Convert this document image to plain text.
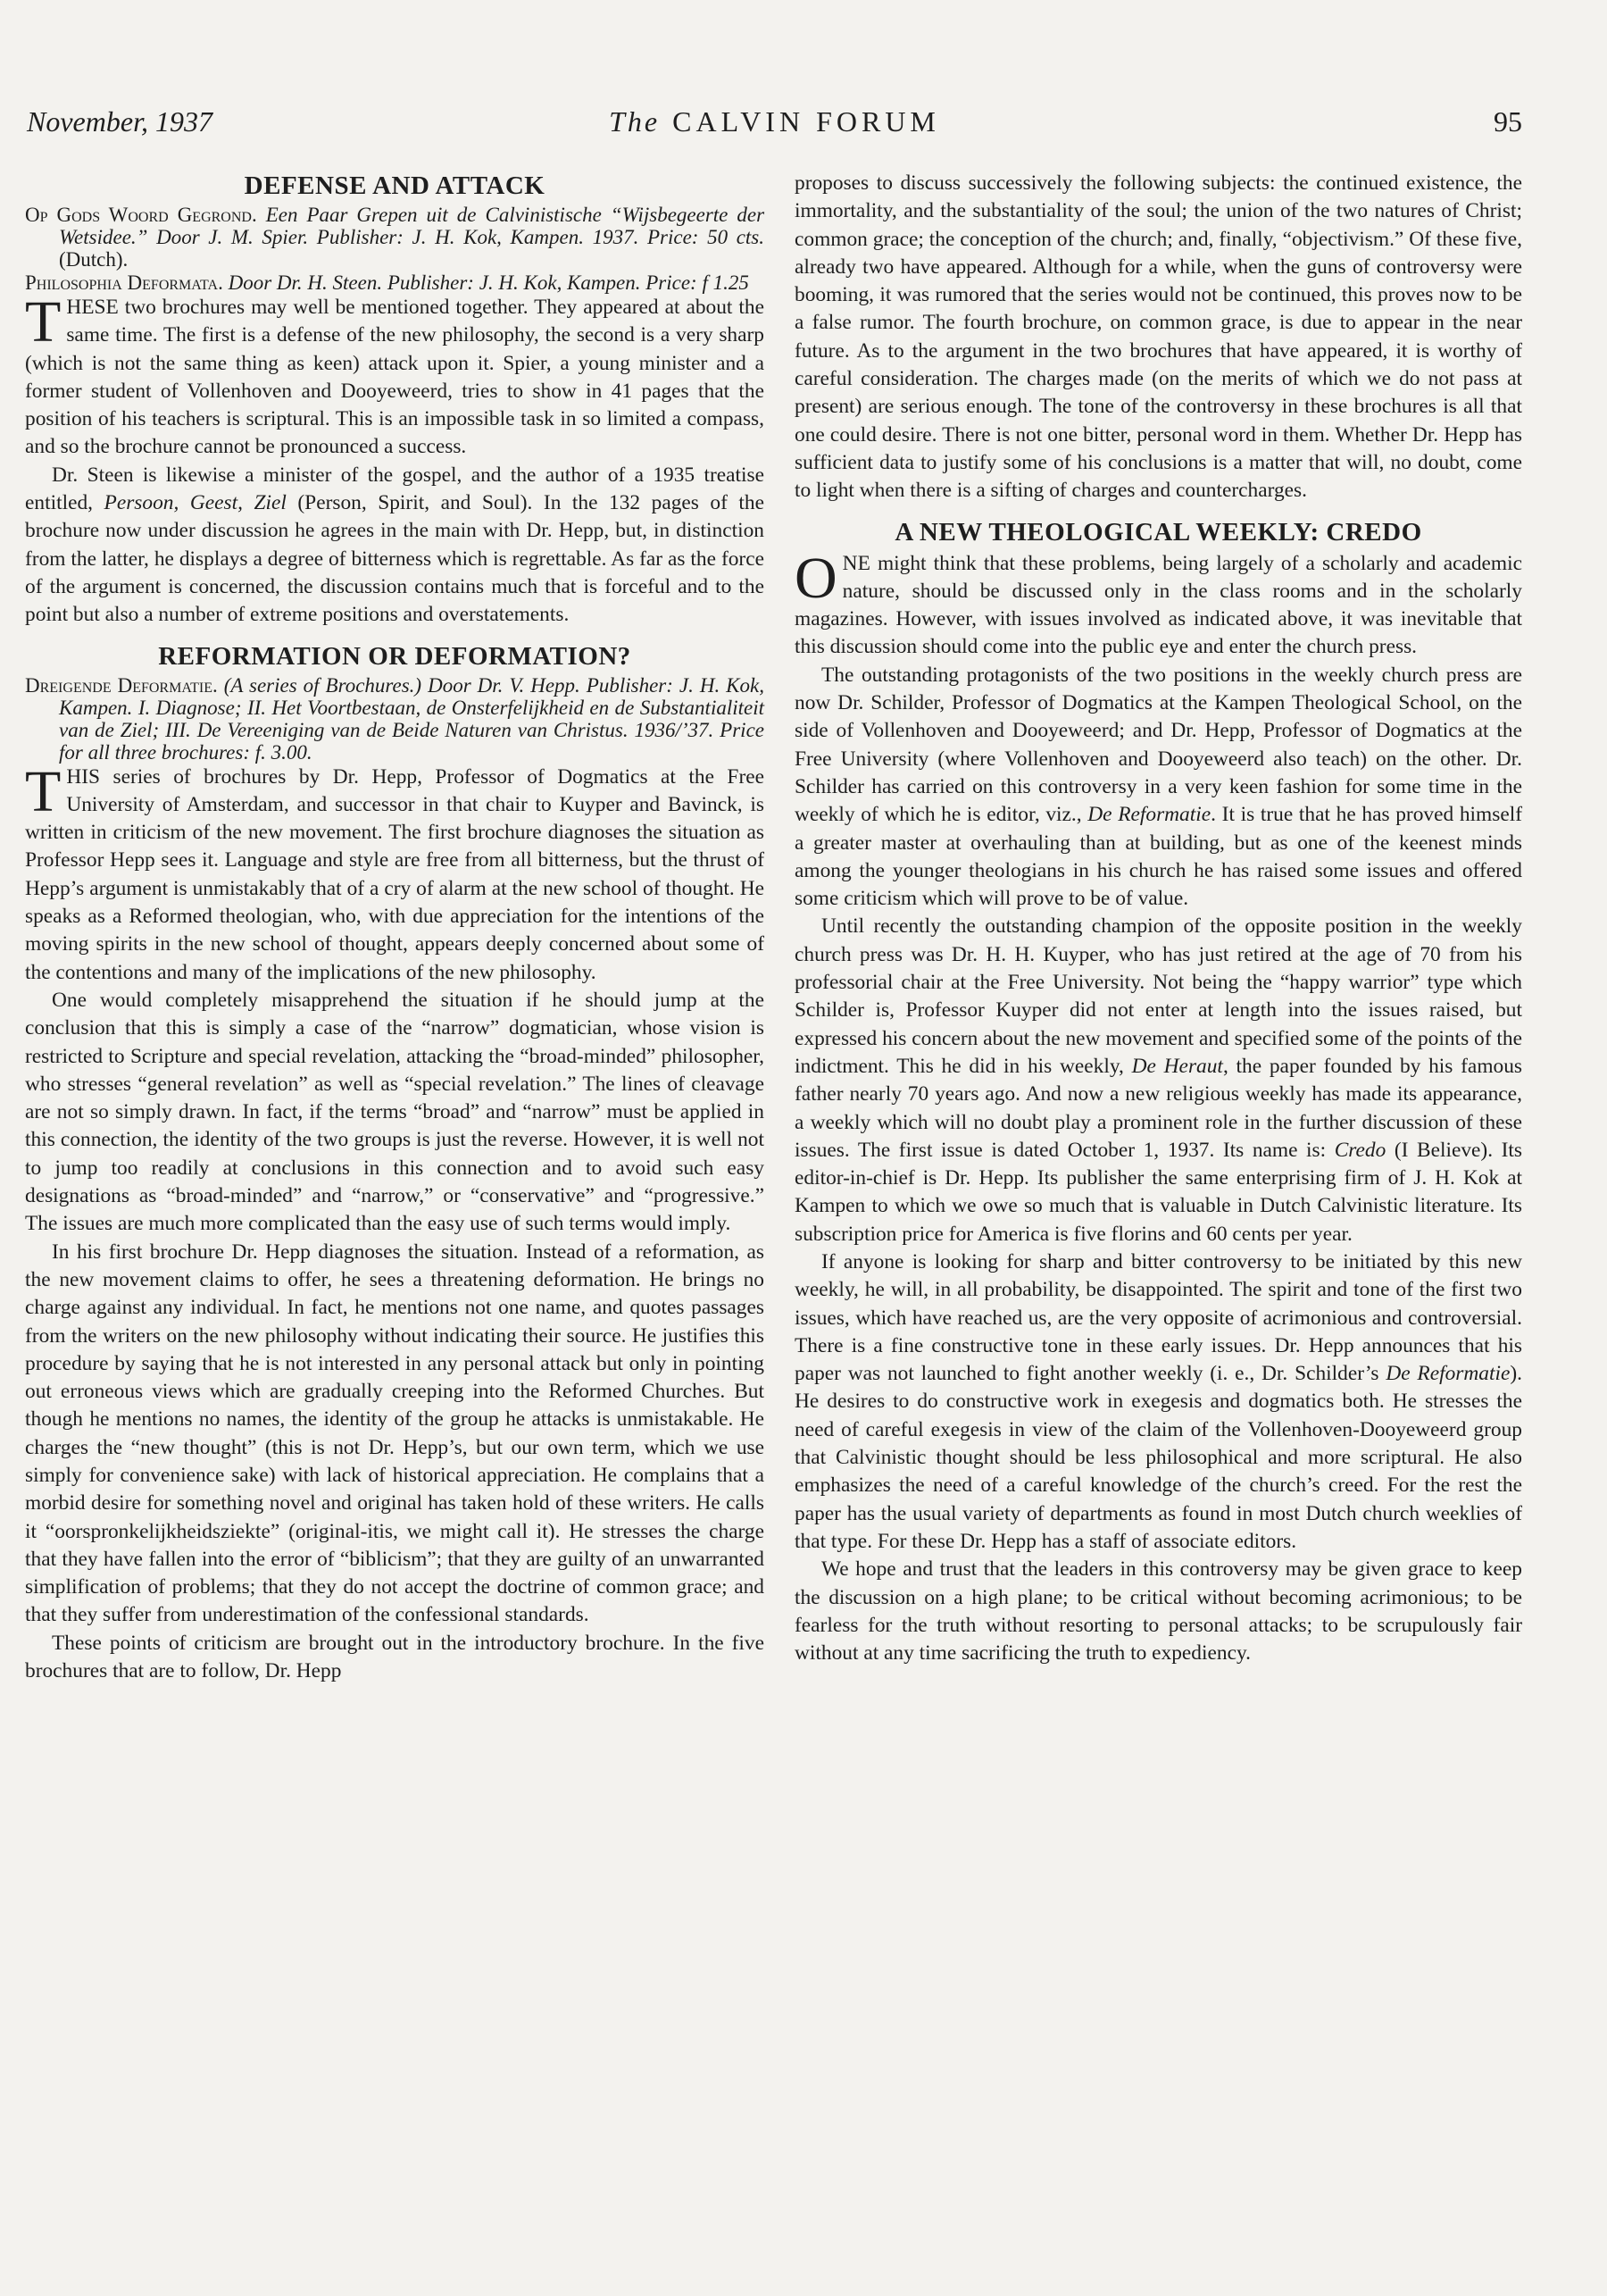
November, 1937	The CALVIN FORUM	95
DEFENSE AND ATTACK

Op Gods Woord Gegrond. Een Paar Grepen uit de Calvinistische “Wijsbegeerte der Wetsidee.” Door J. M. Spier. Publisher: J. H. Kok, Kampen. 1937. Price: 50 cts. (Dutch).

Philosophia Deformata. Door Dr. H. Steen. Publisher: J. H. Kok, Kampen. Price: f 1.25

THESE two brochures may well be mentioned together. They appeared at about the same time. The first is a defense of the new philosophy, the second is a very sharp (which is not the same thing as keen) attack upon it. Spier, a young minister and a former student of Vollenhoven and Dooyeweerd, tries to show in 41 pages that the position of his teachers is scriptural. This is an impossible task in so limited a compass, and so the brochure cannot be pronounced a success.

Dr. Steen is likewise a minister of the gospel, and the author of a 1935 treatise entitled, Persoon, Geest, Ziel (Person, Spirit, and Soul). In the 132 pages of the brochure now under discussion he agrees in the main with Dr. Hepp, but, in distinction from the latter, he displays a degree of bitterness which is regrettable. As far as the force of the argument is concerned, the discussion contains much that is forceful and to the point but also a number of extreme positions and overstatements.

REFORMATION OR DEFORMATION?

Dreigende Deformatie. (A series of Brochures.) Door Dr. V. Hepp. Publisher: J. H. Kok, Kampen. I. Diagnose; II. Het Voortbestaan, de Onsterfelijkheid en de Substantialiteit van de Ziel; III. De Vereeniging van de Beide Naturen van Christus. 1936/’37. Price for all three brochures: f. 3.00.

THIS series of brochures by Dr. Hepp, Professor of Dogmatics at the Free University of Amsterdam, and successor in that chair to Kuyper and Bavinck, is written in criticism of the new movement. The first brochure diagnoses the situation as Professor Hepp sees it. Language and style are free from all bitterness, but the thrust of Hepp’s argument is unmistakably that of a cry of alarm at the new school of thought. He speaks as a Reformed theologian, who, with due appreciation for the intentions of the moving spirits in the new school of thought, appears deeply concerned about some of the contentions and many of the implications of the new philosophy.

One would completely misapprehend the situation if he should jump at the conclusion that this is simply a case of the “narrow” dogmatician, whose vision is restricted to Scripture and special revelation, attacking the “broad-minded” philosopher, who stresses “general revelation” as well as “special revelation.” The lines of cleavage are not so simply drawn. In fact, if the terms “broad” and “narrow” must be applied in this connection, the identity of the two groups is just the reverse. However, it is well not to jump too readily at conclusions in this connection and to avoid such easy designations as “broad-minded” and “narrow,” or “conservative” and “progressive.” The issues are much more complicated than the easy use of such terms would imply.

In his first brochure Dr. Hepp diagnoses the situation. Instead of a reformation, as the new movement claims to offer, he sees a threatening deformation. He brings no charge against any individual. In fact, he mentions not one name, and quotes passages from the writers on the new philosophy without indicating their source. He justifies this procedure by saying that he is not interested in any personal attack but only in pointing out erroneous views which are gradually creeping into the Reformed Churches. But though he mentions no names, the identity of the group he attacks is unmistakable. He charges the “new thought” (this is not Dr. Hepp’s, but our own term, which we use simply for convenience sake) with lack of historical appreciation. He complains that a morbid desire for something novel and original has taken hold of these writers. He calls it “oorspronkelijkheidsziekte” (original-itis, we might call it). He stresses the charge that they have fallen into the error of “biblicism”; that they are guilty of an unwarranted simplification of problems; that they do not accept the doctrine of common grace; and that they suffer from underestimation of the confessional standards.

These points of criticism are brought out in the introductory brochure. In the five brochures that are to follow, Dr. Hepp

proposes to discuss successively the following subjects: the continued existence, the immortality, and the substantiality of the soul; the union of the two natures of Christ; common grace; the conception of the church; and, finally, “objectivism.” Of these five, already two have appeared. Although for a while, when the guns of controversy were booming, it was rumored that the series would not be continued, this proves now to be a false rumor. The fourth brochure, on common grace, is due to appear in the near future. As to the argument in the two brochures that have appeared, it is worthy of careful consideration. The charges made (on the merits of which we do not pass at present) are serious enough. The tone of the controversy in these brochures is all that one could desire. There is not one bitter, personal word in them. Whether Dr. Hepp has sufficient data to justify some of his conclusions is a matter that will, no doubt, come to light when there is a sifting of charges and countercharges.

A NEW THEOLOGICAL WEEKLY: CREDO

ONE might think that these problems, being largely of a scholarly and academic nature, should be discussed only in the class rooms and in the scholarly magazines. However, with issues involved as indicated above, it was inevitable that this discussion should come into the public eye and enter the church press.

The outstanding protagonists of the two positions in the weekly church press are now Dr. Schilder, Professor of Dogmatics at the Kampen Theological School, on the side of Vollenhoven and Dooyeweerd; and Dr. Hepp, Professor of Dogmatics at the Free University (where Vollenhoven and Dooyeweerd also teach) on the other. Dr. Schilder has carried on this controversy in a very keen fashion for some time in the weekly of which he is editor, viz., De Reformatie. It is true that he has proved himself a greater master at overhauling than at building, but as one of the keenest minds among the younger theologians in his church he has raised some issues and offered some criticism which will prove to be of value.

Until recently the outstanding champion of the opposite position in the weekly church press was Dr. H. H. Kuyper, who has just retired at the age of 70 from his professorial chair at the Free University. Not being the “happy warrior” type which Schilder is, Professor Kuyper did not enter at length into the issues raised, but expressed his concern about the new movement and specified some of the points of the indictment. This he did in his weekly, De Heraut, the paper founded by his famous father nearly 70 years ago. And now a new religious weekly has made its appearance, a weekly which will no doubt play a prominent role in the further discussion of these issues. The first issue is dated October 1, 1937. Its name is: Credo (I Believe). Its editor-in-chief is Dr. Hepp. Its publisher the same enterprising firm of J. H. Kok at Kampen to which we owe so much that is valuable in Dutch Calvinistic literature. Its subscription price for America is five florins and 60 cents per year.

If anyone is looking for sharp and bitter controversy to be initiated by this new weekly, he will, in all probability, be disappointed. The spirit and tone of the first two issues, which have reached us, are the very opposite of acrimonious and controversial. There is a fine constructive tone in these early issues. Dr. Hepp announces that his paper was not launched to fight another weekly (i. e., Dr. Schilder’s De Reformatie). He desires to do constructive work in exegesis and dogmatics both. He stresses the need of careful exegesis in view of the claim of the Vollenhoven-Dooyeweerd group that Calvinistic thought should be less philosophical and more scriptural. He also emphasizes the need of a careful knowledge of the church’s creed. For the rest the paper has the usual variety of departments as found in most Dutch church weeklies of that type. For these Dr. Hepp has a staff of associate editors.

We hope and trust that the leaders in this controversy may be given grace to keep the discussion on a high plane; to be critical without becoming acrimonious; to be fearless for the truth without resorting to personal attacks; to be scrupulously fair without at any time sacrificing the truth to expediency.
